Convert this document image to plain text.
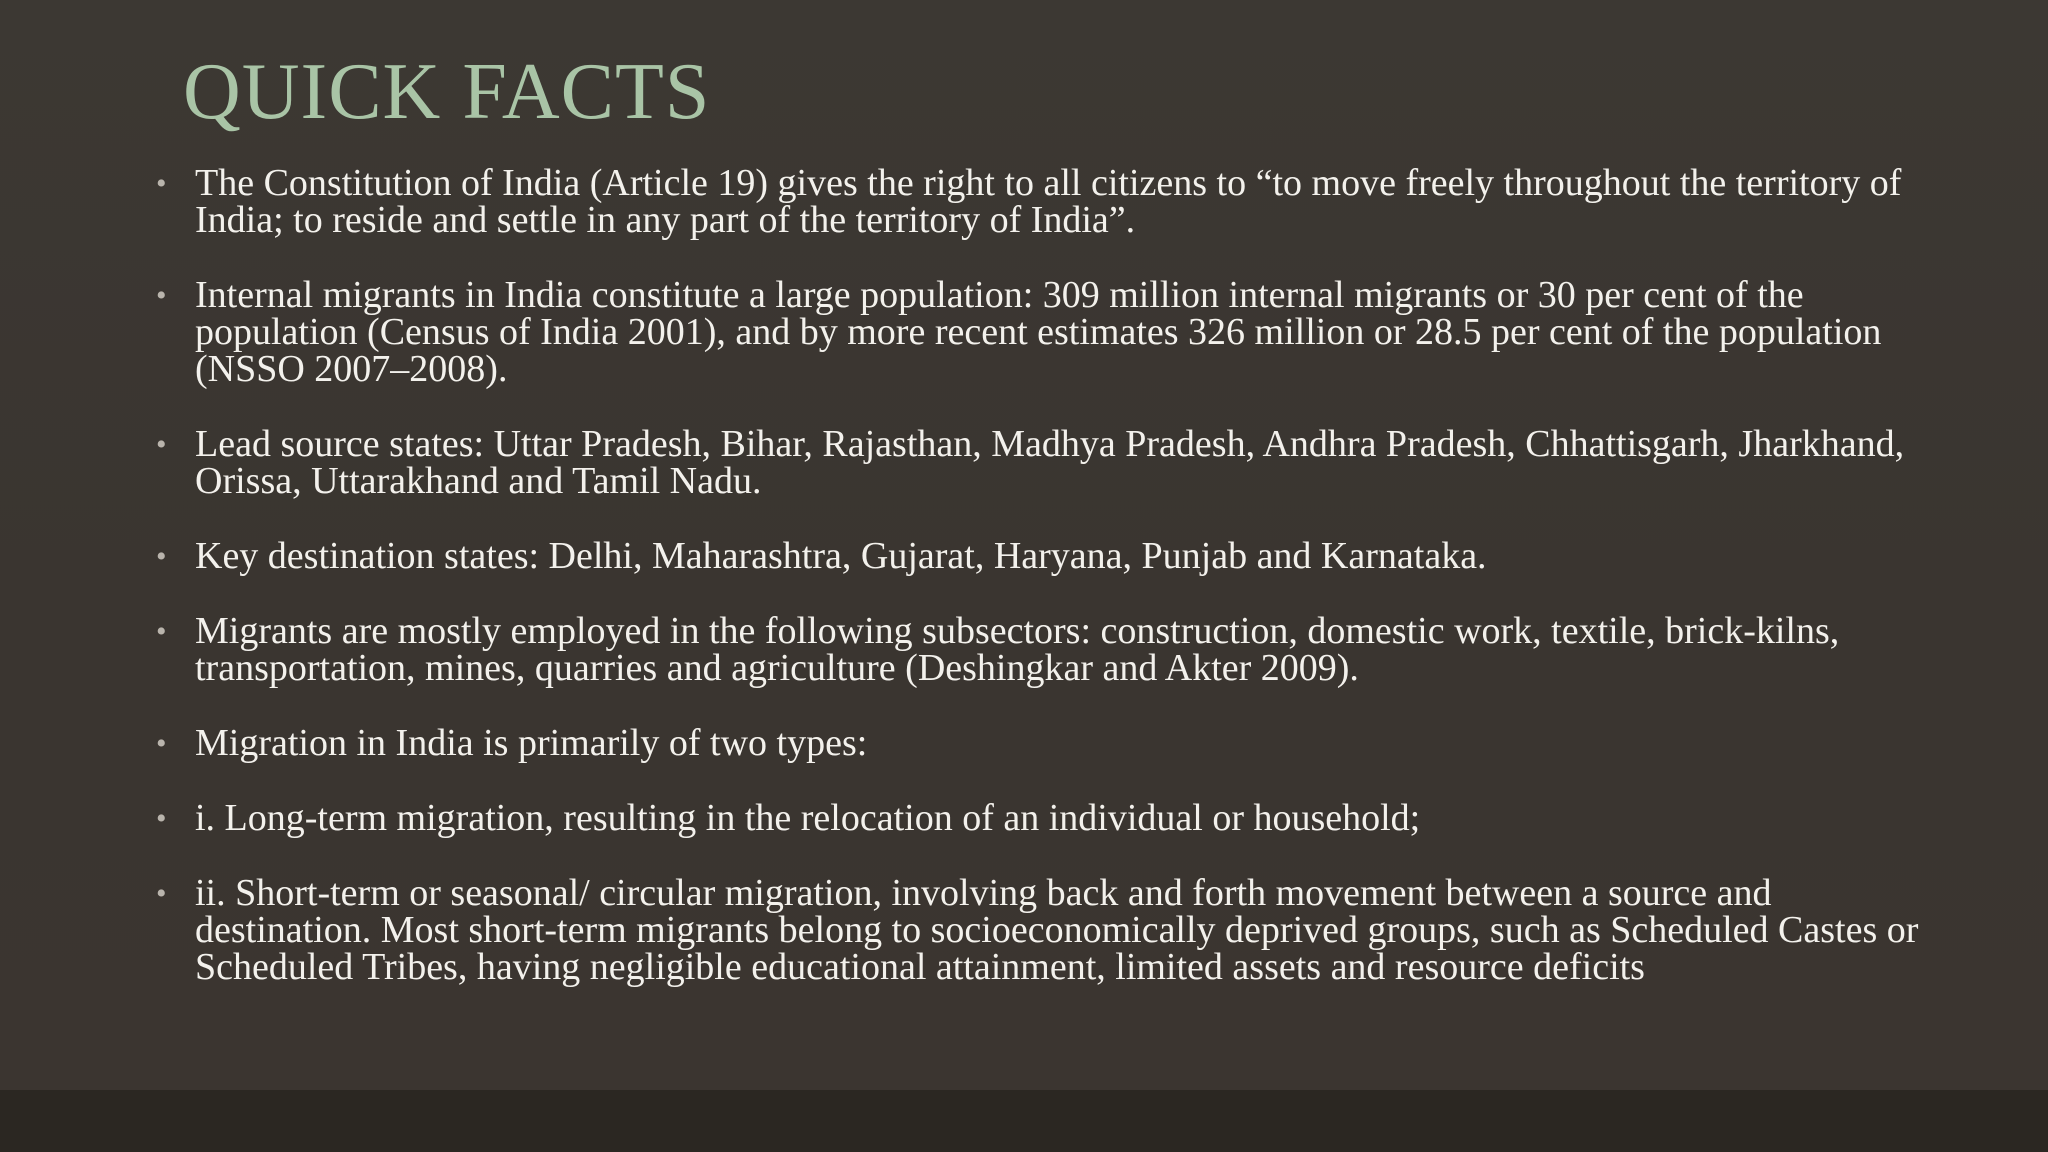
QUICK FACTS
• The Constitution of India (Article 19) gives the right to all citizens to “to move freely throughout the territory of India; to reside and settle in any part of the territory of India”.
• Internal migrants in India constitute a large population: 309 million internal migrants or 30 per cent of the population (Census of India 2001), and by more recent estimates 326 million or 28.5 per cent of the population (NSSO 2007–2008).
• Lead source states: Uttar Pradesh, Bihar, Rajasthan, Madhya Pradesh, Andhra Pradesh, Chhattisgarh, Jharkhand, Orissa, Uttarakhand and Tamil Nadu.
• Key destination states: Delhi, Maharashtra, Gujarat, Haryana, Punjab and Karnataka.
• Migrants are mostly employed in the following subsectors: construction, domestic work, textile, brick-kilns, transportation, mines, quarries and agriculture (Deshingkar and Akter 2009).
• Migration in India is primarily of two types:
• i. Long-term migration, resulting in the relocation of an individual or household;
• ii. Short-term or seasonal/ circular migration, involving back and forth movement between a source and destination. Most short-term migrants belong to socioeconomically deprived groups, such as Scheduled Castes or Scheduled Tribes, having negligible educational attainment, limited assets and resource deficits
